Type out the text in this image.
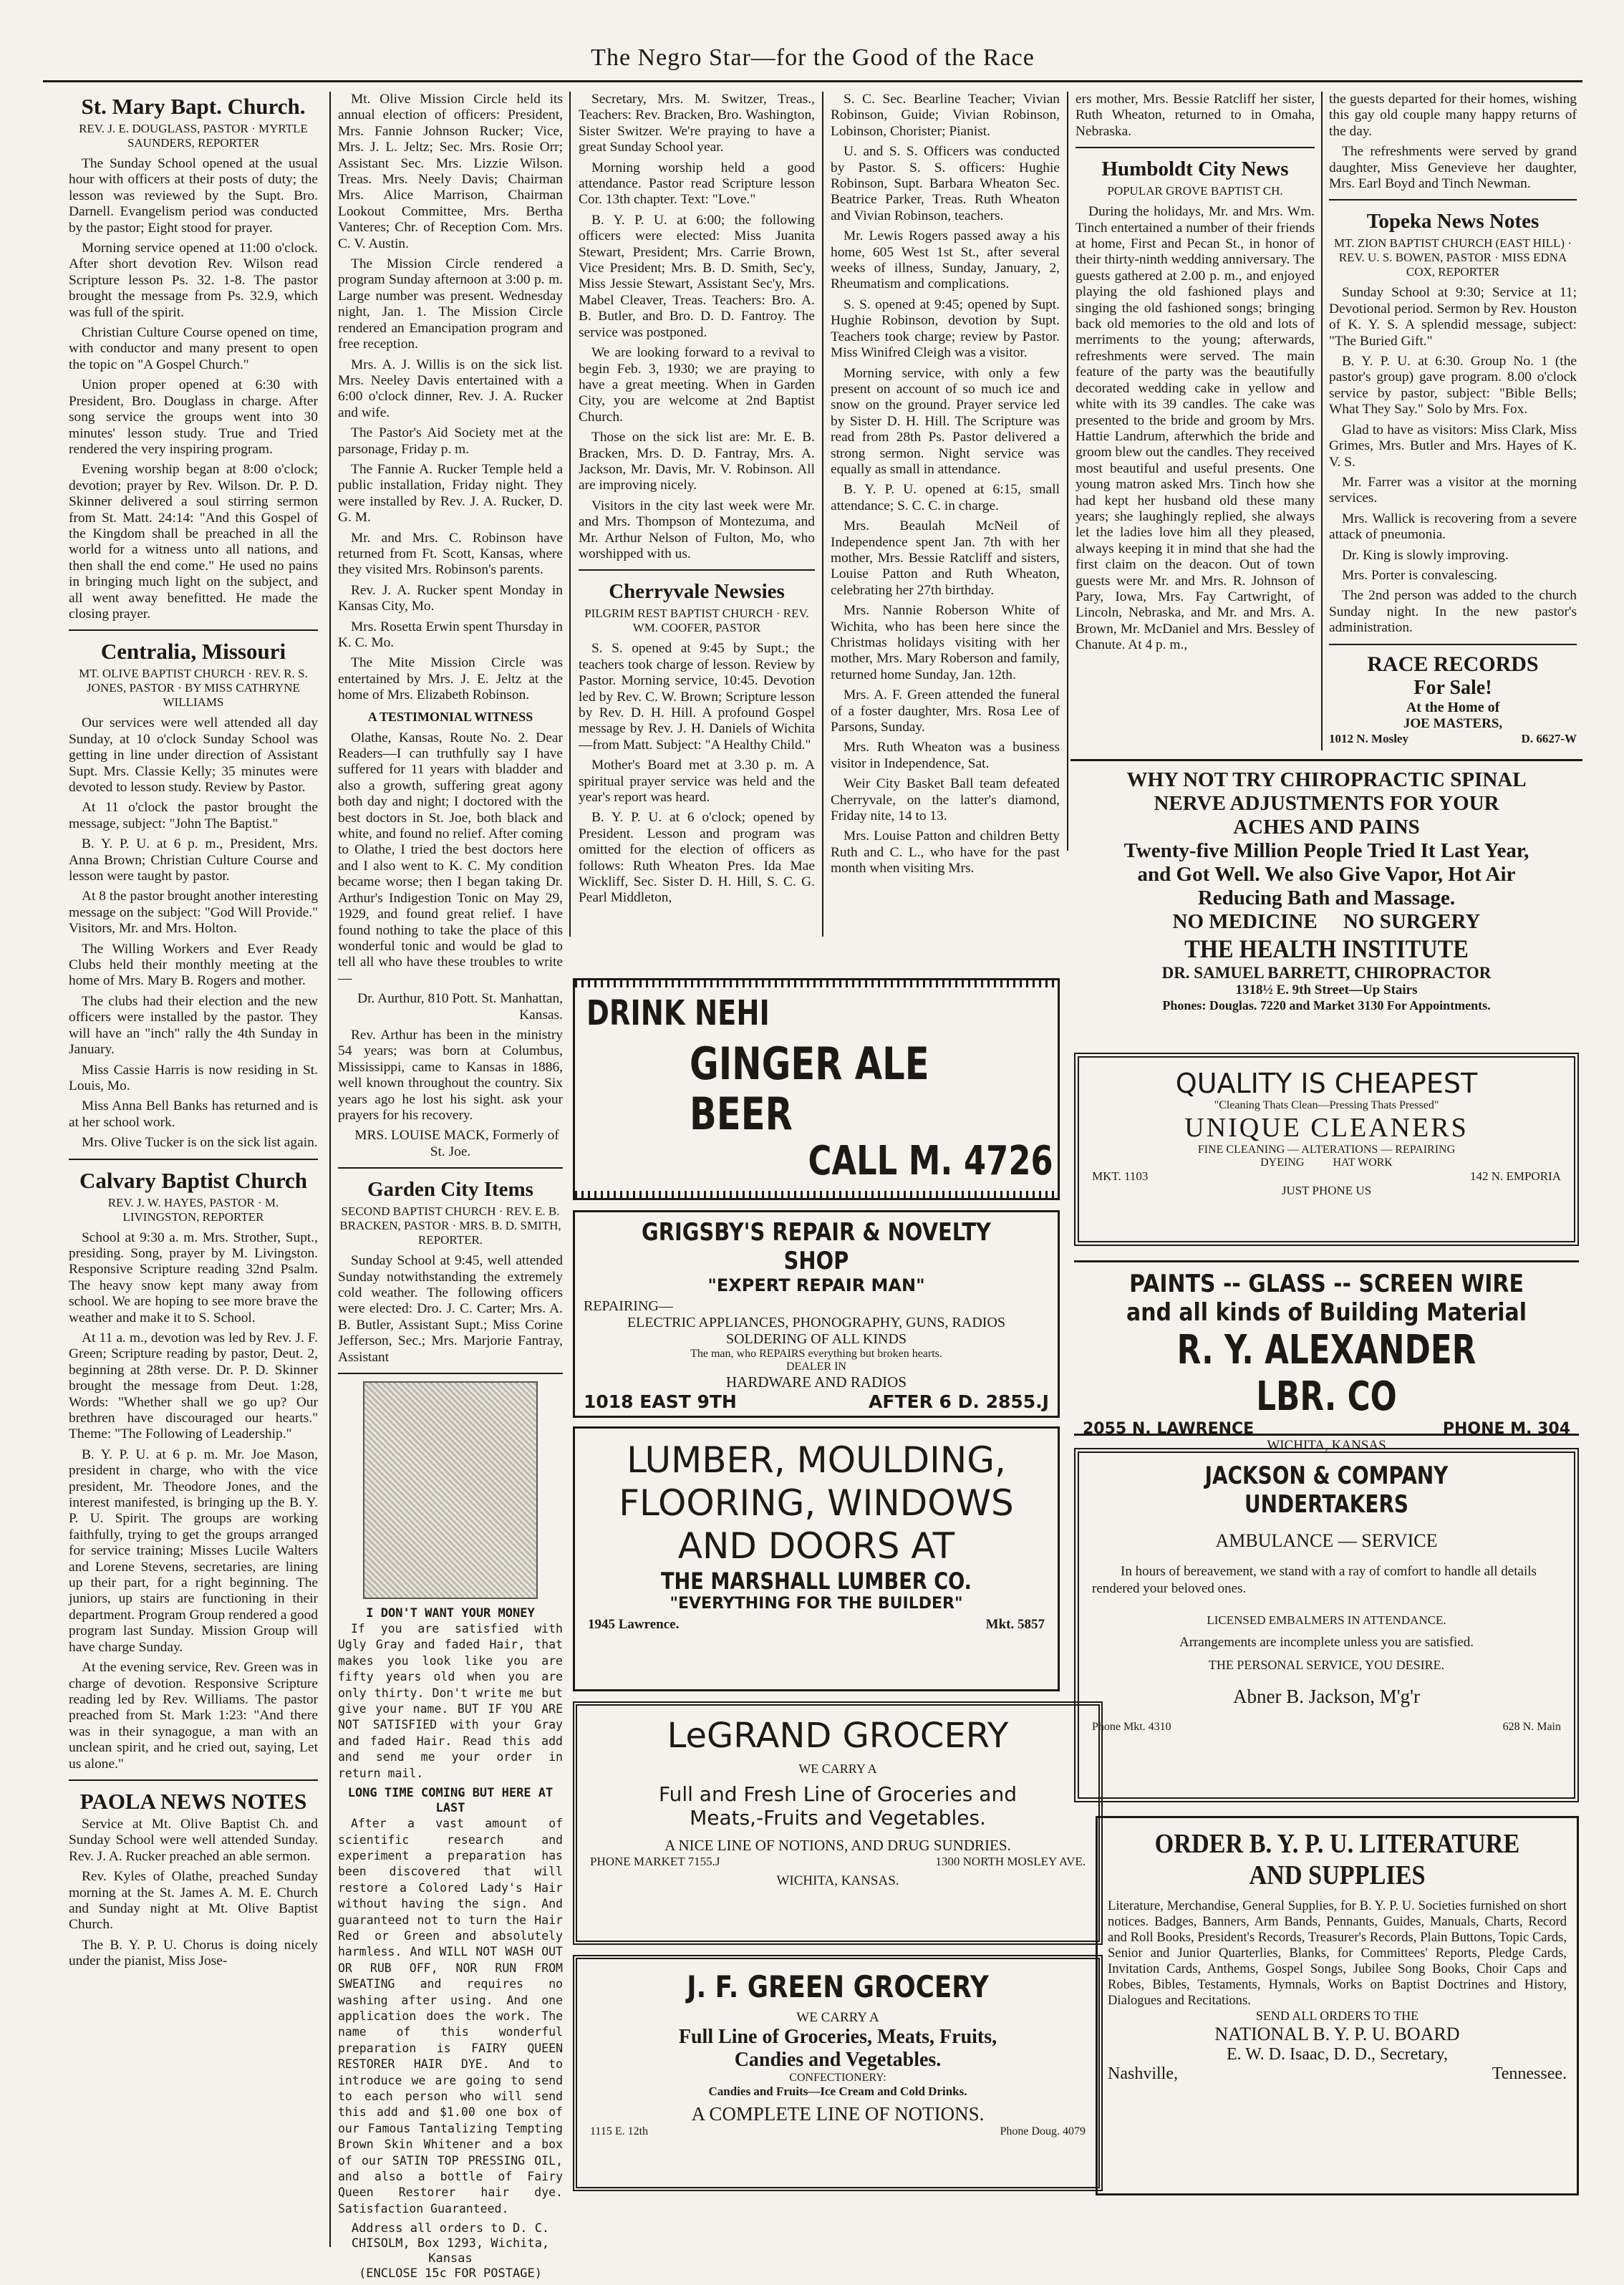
The Negro Star—for the Good of the Race
St. Mary Bapt. Church.
REV. J. E. DOUGLASS, PASTOR · MYRTLE SAUNDERS, REPORTER

The Sunday School opened at the usual hour with officers at their posts of duty; the lesson was reviewed by the Supt. Bro. Darnell. Evangelism period was conducted by the pastor; Eight stood for prayer.

Morning service opened at 11:00 o'clock. After short devotion Rev. Wilson read Scripture lesson Ps. 32. 1-8. The pastor brought the message from Ps. 32.9, which was full of the spirit.

Christian Culture Course opened on time, with conductor and many present to open the topic on "A Gospel Church."

Union proper opened at 6:30 with President, Bro. Douglass in charge. After song service the groups went into 30 minutes' lesson study. True and Tried rendered the very inspiring program.

Evening worship began at 8:00 o'clock; devotion; prayer by Rev. Wilson. Dr. P. D. Skinner delivered a soul stirring sermon from St. Matt. 24:14: "And this Gospel of the Kingdom shall be preached in all the world for a witness unto all nations, and then shall the end come." He used no pains in bringing much light on the subject, and all went away benefitted. He made the closing prayer.

Centralia, Missouri
MT. OLIVE BAPTIST CHURCH · REV. R. S. JONES, PASTOR · BY MISS CATHRYNE WILLIAMS

Our services were well attended all day Sunday, at 10 o'clock Sunday School was getting in line under direction of Assistant Supt. Mrs. Classie Kelly; 35 minutes were devoted to lesson study. Review by Pastor.

At 11 o'clock the pastor brought the message, subject: "John The Baptist."

B. Y. P. U. at 6 p. m., President, Mrs. Anna Brown; Christian Culture Course and lesson were taught by pastor.

At 8 the pastor brought another interesting message on the subject: "God Will Provide." Visitors, Mr. and Mrs. Holton.

The Willing Workers and Ever Ready Clubs held their monthly meeting at the home of Mrs. Mary B. Rogers and mother.

The clubs had their election and the new officers were installed by the pastor. They will have an "inch" rally the 4th Sunday in January.

Miss Cassie Harris is now residing in St. Louis, Mo.

Miss Anna Bell Banks has returned and is at her school work.

Mrs. Olive Tucker is on the sick list again.

Calvary Baptist Church
REV. J. W. HAYES, PASTOR · M. LIVINGSTON, REPORTER

School at 9:30 a. m. Mrs. Strother, Supt., presiding. Song, prayer by M. Livingston. Responsive Scripture reading 32nd Psalm. The heavy snow kept many away from school. We are hoping to see more brave the weather and make it to S. School.

At 11 a. m., devotion was led by Rev. J. F. Green; Scripture reading by pastor, Deut. 2, beginning at 28th verse. Dr. P. D. Skinner brought the message from Deut. 1:28, Words: "Whether shall we go up? Our brethren have discouraged our hearts." Theme: "The Following of Leadership."

B. Y. P. U. at 6 p. m. Mr. Joe Mason, president in charge, who with the vice president, Mr. Theodore Jones, and the interest manifested, is bringing up the B. Y. P. U. Spirit. The groups are working faithfully, trying to get the groups arranged for service training; Misses Lucile Walters and Lorene Stevens, secretaries, are lining up their part, for a right beginning. The juniors, up stairs are functioning in their department. Program Group rendered a good program last Sunday. Mission Group will have charge Sunday.

At the evening service, Rev. Green was in charge of devotion. Responsive Scripture reading led by Rev. Williams. The pastor preached from St. Mark 1:23: "And there was in their synagogue, a man with an unclean spirit, and he cried out, saying, Let us alone."

PAOLA NEWS NOTES

Service at Mt. Olive Baptist Ch. and Sunday School were well attended Sunday. Rev. J. A. Rucker preached an able sermon.

Rev. Kyles of Olathe, preached Sunday morning at the St. James A. M. E. Church and Sunday night at Mt. Olive Baptist Church.

The B. Y. P. U. Chorus is doing nicely under the pianist, Miss Jose-

Mt. Olive Mission Circle held its annual election of officers: President, Mrs. Fannie Johnson Rucker; Vice, Mrs. J. L. Jeltz; Sec. Mrs. Rosie Orr; Assistant Sec. Mrs. Lizzie Wilson. Treas. Mrs. Neely Davis; Chairman Mrs. Alice Marrison, Chairman Lookout Committee, Mrs. Bertha Vanteres; Chr. of Reception Com. Mrs. C. V. Austin.

The Mission Circle rendered a program Sunday afternoon at 3:00 p. m. Large number was present. Wednesday night, Jan. 1. The Mission Circle rendered an Emancipation program and free reception.

Mrs. A. J. Willis is on the sick list. Mrs. Neeley Davis entertained with a 6:00 o'clock dinner, Rev. J. A. Rucker and wife.

The Pastor's Aid Society met at the parsonage, Friday p. m.

The Fannie A. Rucker Temple held a public installation, Friday night. They were installed by Rev. J. A. Rucker, D. G. M.

Mr. and Mrs. C. Robinson have returned from Ft. Scott, Kansas, where they visited Mrs. Robinson's parents.

Rev. J. A. Rucker spent Monday in Kansas City, Mo.

Mrs. Rosetta Erwin spent Thursday in K. C. Mo.

The Mite Mission Circle was entertained by Mrs. J. E. Jeltz at the home of Mrs. Elizabeth Robinson.

A TESTIMONIAL WITNESS

Olathe, Kansas, Route No. 2. Dear Readers—I can truthfully say I have suffered for 11 years with bladder and also a growth, suffering great agony both day and night; I doctored with the best doctors in St. Joe, both black and white, and found no relief. After coming to Olathe, I tried the best doctors here and I also went to K. C. My condition became worse; then I began taking Dr. Arthur's Indigestion Tonic on May 29, 1929, and found great relief. I have found nothing to take the place of this wonderful tonic and would be glad to tell all who have these troubles to write—

Dr. Aurthur, 810 Pott. St. Manhattan, Kansas.

Rev. Arthur has been in the ministry 54 years; was born at Columbus, Mississippi, came to Kansas in 1886, well known throughout the country. Six years ago he lost his sight. ask your prayers for his recovery.

MRS. LOUISE MACK, Formerly of St. Joe.

Garden City Items
SECOND BAPTIST CHURCH · REV. E. B. BRACKEN, PASTOR · MRS. B. D. SMITH, REPORTER.

Sunday School at 9:45, well attended Sunday notwithstanding the extremely cold weather. The following officers were elected: Dro. J. C. Carter; Mrs. A. B. Butler, Assistant Supt.; Miss Corine Jefferson, Sec.; Mrs. Marjorie Fantray, Assistant

I DON'T WANT YOUR MONEY

If you are satisfied with Ugly Gray and faded Hair, that makes you look like you are fifty years old when you are only thirty. Don't write me but give your name. BUT IF YOU ARE NOT SATISFIED with your Gray and faded Hair. Read this add and send me your order in return mail.

LONG TIME COMING BUT HERE AT LAST

After a vast amount of scientific research and experiment a preparation has been discovered that will restore a Colored Lady's Hair without having the sign. And guaranteed not to turn the Hair Red or Green and absolutely harmless. And WILL NOT WASH OUT OR RUB OFF, NOR RUN FROM SWEATING and requires no washing after using. And one application does the work. The name of this wonderful preparation is FAIRY QUEEN RESTORER HAIR DYE. And to introduce we are going to send to each person who will send this add and $1.00 one box of our Famous Tantalizing Tempting Brown Skin Whitener and a box of our SATIN TOP PRESSING OIL, and also a bottle of Fairy Queen Restorer hair dye. Satisfaction Guaranteed.

Address all orders to D. C. CHISOLM, Box 1293, Wichita, Kansas
(ENCLOSE 15c FOR POSTAGE)

Secretary, Mrs. M. Switzer, Treas., Teachers: Rev. Bracken, Bro. Washington, Sister Switzer. We're praying to have a great Sunday School year.

Morning worship held a good attendance. Pastor read Scripture lesson Cor. 13th chapter. Text: "Love."

B. Y. P. U. at 6:00; the following officers were elected: Miss Juanita Stewart, President; Mrs. Carrie Brown, Vice President; Mrs. B. D. Smith, Sec'y, Miss Jessie Stewart, Assistant Sec'y, Mrs. Mabel Cleaver, Treas. Teachers: Bro. A. B. Butler, and Bro. D. D. Fantroy. The service was postponed.

We are looking forward to a revival to begin Feb. 3, 1930; we are praying to have a great meeting. When in Garden City, you are welcome at 2nd Baptist Church.

Those on the sick list are: Mr. E. B. Bracken, Mrs. D. D. Fantray, Mrs. A. Jackson, Mr. Davis, Mr. V. Robinson. All are improving nicely.

Visitors in the city last week were Mr. and Mrs. Thompson of Montezuma, and Mr. Arthur Nelson of Fulton, Mo, who worshipped with us.

Cherryvale Newsies
PILGRIM REST BAPTIST CHURCH · REV. WM. COOFER, PASTOR

S. S. opened at 9:45 by Supt.; the teachers took charge of lesson. Review by Pastor. Morning service, 10:45. Devotion led by Rev. C. W. Brown; Scripture lesson by Rev. D. H. Hill. A profound Gospel message by Rev. J. H. Daniels of Wichita —from Matt. Subject: "A Healthy Child."

Mother's Board met at 3.30 p. m. A spiritual prayer service was held and the year's report was heard.

B. Y. P. U. at 6 o'clock; opened by President. Lesson and program was omitted for the election of officers as follows: Ruth Wheaton Pres. Ida Mae Wickliff, Sec. Sister D. H. Hill, S. C. G. Pearl Middleton,

S. C. Sec. Bearline Teacher; Vivian Robinson, Guide; Vivian Robinson, Lobinson, Chorister; Pianist.

U. and S. S. Officers was conducted by Pastor. S. S. officers: Hughie Robinson, Supt. Barbara Wheaton Sec. Beatrice Parker, Treas. Ruth Wheaton and Vivian Robinson, teachers.

Mr. Lewis Rogers passed away a his home, 605 West 1st St., after several weeks of illness, Sunday, January, 2, Rheumatism and complications.

S. S. opened at 9:45; opened by Supt. Hughie Robinson, devotion by Supt. Teachers took charge; review by Pastor. Miss Winifred Cleigh was a visitor.

Morning service, with only a few present on account of so much ice and snow on the ground. Prayer service led by Sister D. H. Hill. The Scripture was read from 28th Ps. Pastor delivered a strong sermon. Night service was equally as small in attendance.

B. Y. P. U. opened at 6:15, small attendance; S. C. C. in charge.

Mrs. Beaulah McNeil of Independence spent Jan. 7th with her mother, Mrs. Bessie Ratcliff and sisters, Louise Patton and Ruth Wheaton, celebrating her 27th birthday.

Mrs. Nannie Roberson White of Wichita, who has been here since the Christmas holidays visiting with her mother, Mrs. Mary Roberson and family, returned home Sunday, Jan. 12th.

Mrs. A. F. Green attended the funeral of a foster daughter, Mrs. Rosa Lee of Parsons, Sunday.

Mrs. Ruth Wheaton was a business visitor in Independence, Sat.

Weir City Basket Ball team defeated Cherryvale, on the latter's diamond, Friday nite, 14 to 13.

Mrs. Louise Patton and children Betty Ruth and C. L., who have for the past month when visiting Mrs.

ers mother, Mrs. Bessie Ratcliff her sister, Ruth Wheaton, returned to in Omaha, Nebraska.

Humboldt City News
POPULAR GROVE BAPTIST CH.

During the holidays, Mr. and Mrs. Wm. Tinch entertained a number of their friends at home, First and Pecan St., in honor of their thirty-ninth wedding anniversary. The guests gathered at 2.00 p. m., and enjoyed playing the old fashioned plays and singing the old fashioned songs; bringing back old memories to the old and lots of merriments to the young; afterwards, refreshments were served. The main feature of the party was the beautifully decorated wedding cake in yellow and white with its 39 candles. The cake was presented to the bride and groom by Mrs. Hattie Landrum, afterwhich the bride and groom blew out the candles. They received most beautiful and useful presents. One young matron asked Mrs. Tinch how she had kept her husband old these many years; she laughingly replied, she always let the ladies love him all they pleased, always keeping it in mind that she had the first claim on the deacon. Out of town guests were Mr. and Mrs. R. Johnson of Pary, Iowa, Mrs. Fay Cartwright, of Lincoln, Nebraska, and Mr. and Mrs. A. Brown, Mr. McDaniel and Mrs. Bessley of Chanute. At 4 p. m.,

the guests departed for their homes, wishing this gay old couple many happy returns of the day.

The refreshments were served by grand daughter, Miss Genevieve her daughter, Mrs. Earl Boyd and Tinch Newman.

Topeka News Notes
MT. ZION BAPTIST CHURCH (EAST HILL) · REV. U. S. BOWEN, PASTOR · MISS EDNA COX, REPORTER

Sunday School at 9:30; Service at 11; Devotional period. Sermon by Rev. Houston of K. Y. S. A splendid message, subject: "The Buried Gift."

B. Y. P. U. at 6:30. Group No. 1 (the pastor's group) gave program. 8.00 o'clock service by pastor, subject: "Bible Bells; What They Say." Solo by Mrs. Fox.

Glad to have as visitors: Miss Clark, Miss Grimes, Mrs. Butler and Mrs. Hayes of K. V. S.

Mr. Farrer was a visitor at the morning services.

Mrs. Wallick is recovering from a severe attack of pneumonia.

Dr. King is slowly improving.

Mrs. Porter is convalescing.

The 2nd person was added to the church Sunday night. In the new pastor's administration.

RACE RECORDS
For Sale!
At the Home of
JOE MASTERS,
1012 N. Mosley	D. 6627-W
DRINK NEHI
GINGER ALE
BEER
CALL M. 4726
GRIGSBY'S REPAIR & NOVELTY SHOP
"EXPERT REPAIR MAN"
REPAIRING—
ELECTRIC APPLIANCES, PHONOGRAPHY, GUNS, RADIOS
SOLDERING OF ALL KINDS
The man, who REPAIRS everything but broken hearts.
DEALER IN
HARDWARE AND RADIOS
1018 EAST 9TH	AFTER 6 D. 2855.J
LUMBER, MOULDING,
FLOORING, WINDOWS
AND DOORS AT
THE MARSHALL LUMBER CO.
"EVERYTHING FOR THE BUILDER"
1945 Lawrence.	Mkt. 5857
LeGRAND GROCERY
WE CARRY A
Full and Fresh Line of Groceries and
Meats,-Fruits and Vegetables.
A NICE LINE OF NOTIONS, AND DRUG SUNDRIES.
PHONE MARKET 7155.J	1300 NORTH MOSLEY AVE.
WICHITA, KANSAS.
J. F. GREEN GROCERY
WE CARRY A
Full Line of Groceries, Meats, Fruits,
Candies and Vegetables.
CONFECTIONERY:
Candies and Fruits—Ice Cream and Cold Drinks.
A COMPLETE LINE OF NOTIONS.
1115 E. 12th	Phone Doug. 4079
WHY NOT TRY CHIROPRACTIC SPINAL
NERVE ADJUSTMENTS FOR YOUR
ACHES AND PAINS
Twenty-five Million People Tried It Last Year,
and Got Well. We also Give Vapor, Hot Air
Reducing Bath and Massage.
NO MEDICINE     NO SURGERY
THE HEALTH INSTITUTE
DR. SAMUEL BARRETT, CHIROPRACTOR
1318½ E. 9th Street—Up Stairs
Phones: Douglas. 7220 and Market 3130 For Appointments.
QUALITY IS CHEAPEST
"Cleaning Thats Clean—Pressing Thats Pressed"
UNIQUE CLEANERS
FINE CLEANING — ALTERATIONS — REPAIRING
DYEING          HAT WORK
MKT. 1103	142 N. EMPORIA
JUST PHONE US
PAINTS -- GLASS -- SCREEN WIRE
and all kinds of Building Material
R. Y. ALEXANDER LBR. CO
2055 N. LAWRENCE	PHONE M. 304
WICHITA, KANSAS
JACKSON & COMPANY UNDERTAKERS
AMBULANCE — SERVICE
In hours of bereavement, we stand with a ray of comfort to handle all details rendered your beloved ones.
LICENSED EMBALMERS IN ATTENDANCE.
Arrangements are incomplete unless you are satisfied.
THE PERSONAL SERVICE, YOU DESIRE.
Abner B. Jackson, M'g'r
Phone Mkt. 4310	628 N. Main
ORDER B. Y. P. U. LITERATURE AND SUPPLIES
Literature, Merchandise, General Supplies, for B. Y. P. U. Societies furnished on short notices. Badges, Banners, Arm Bands, Pennants, Guides, Manuals, Charts, Record and Roll Books, President's Records, Treasurer's Records, Plain Buttons, Topic Cards, Senior and Junior Quarterlies, Blanks, for Committees' Reports, Pledge Cards, Invitation Cards, Anthems, Gospel Songs, Jubilee Song Books, Choir Caps and Robes, Bibles, Testaments, Hymnals, Works on Baptist Doctrines and History, Dialogues and Recitations.
SEND ALL ORDERS TO THE
NATIONAL B. Y. P. U. BOARD
E. W. D. Isaac, D. D., Secretary,
Nashville,	Tennessee.
